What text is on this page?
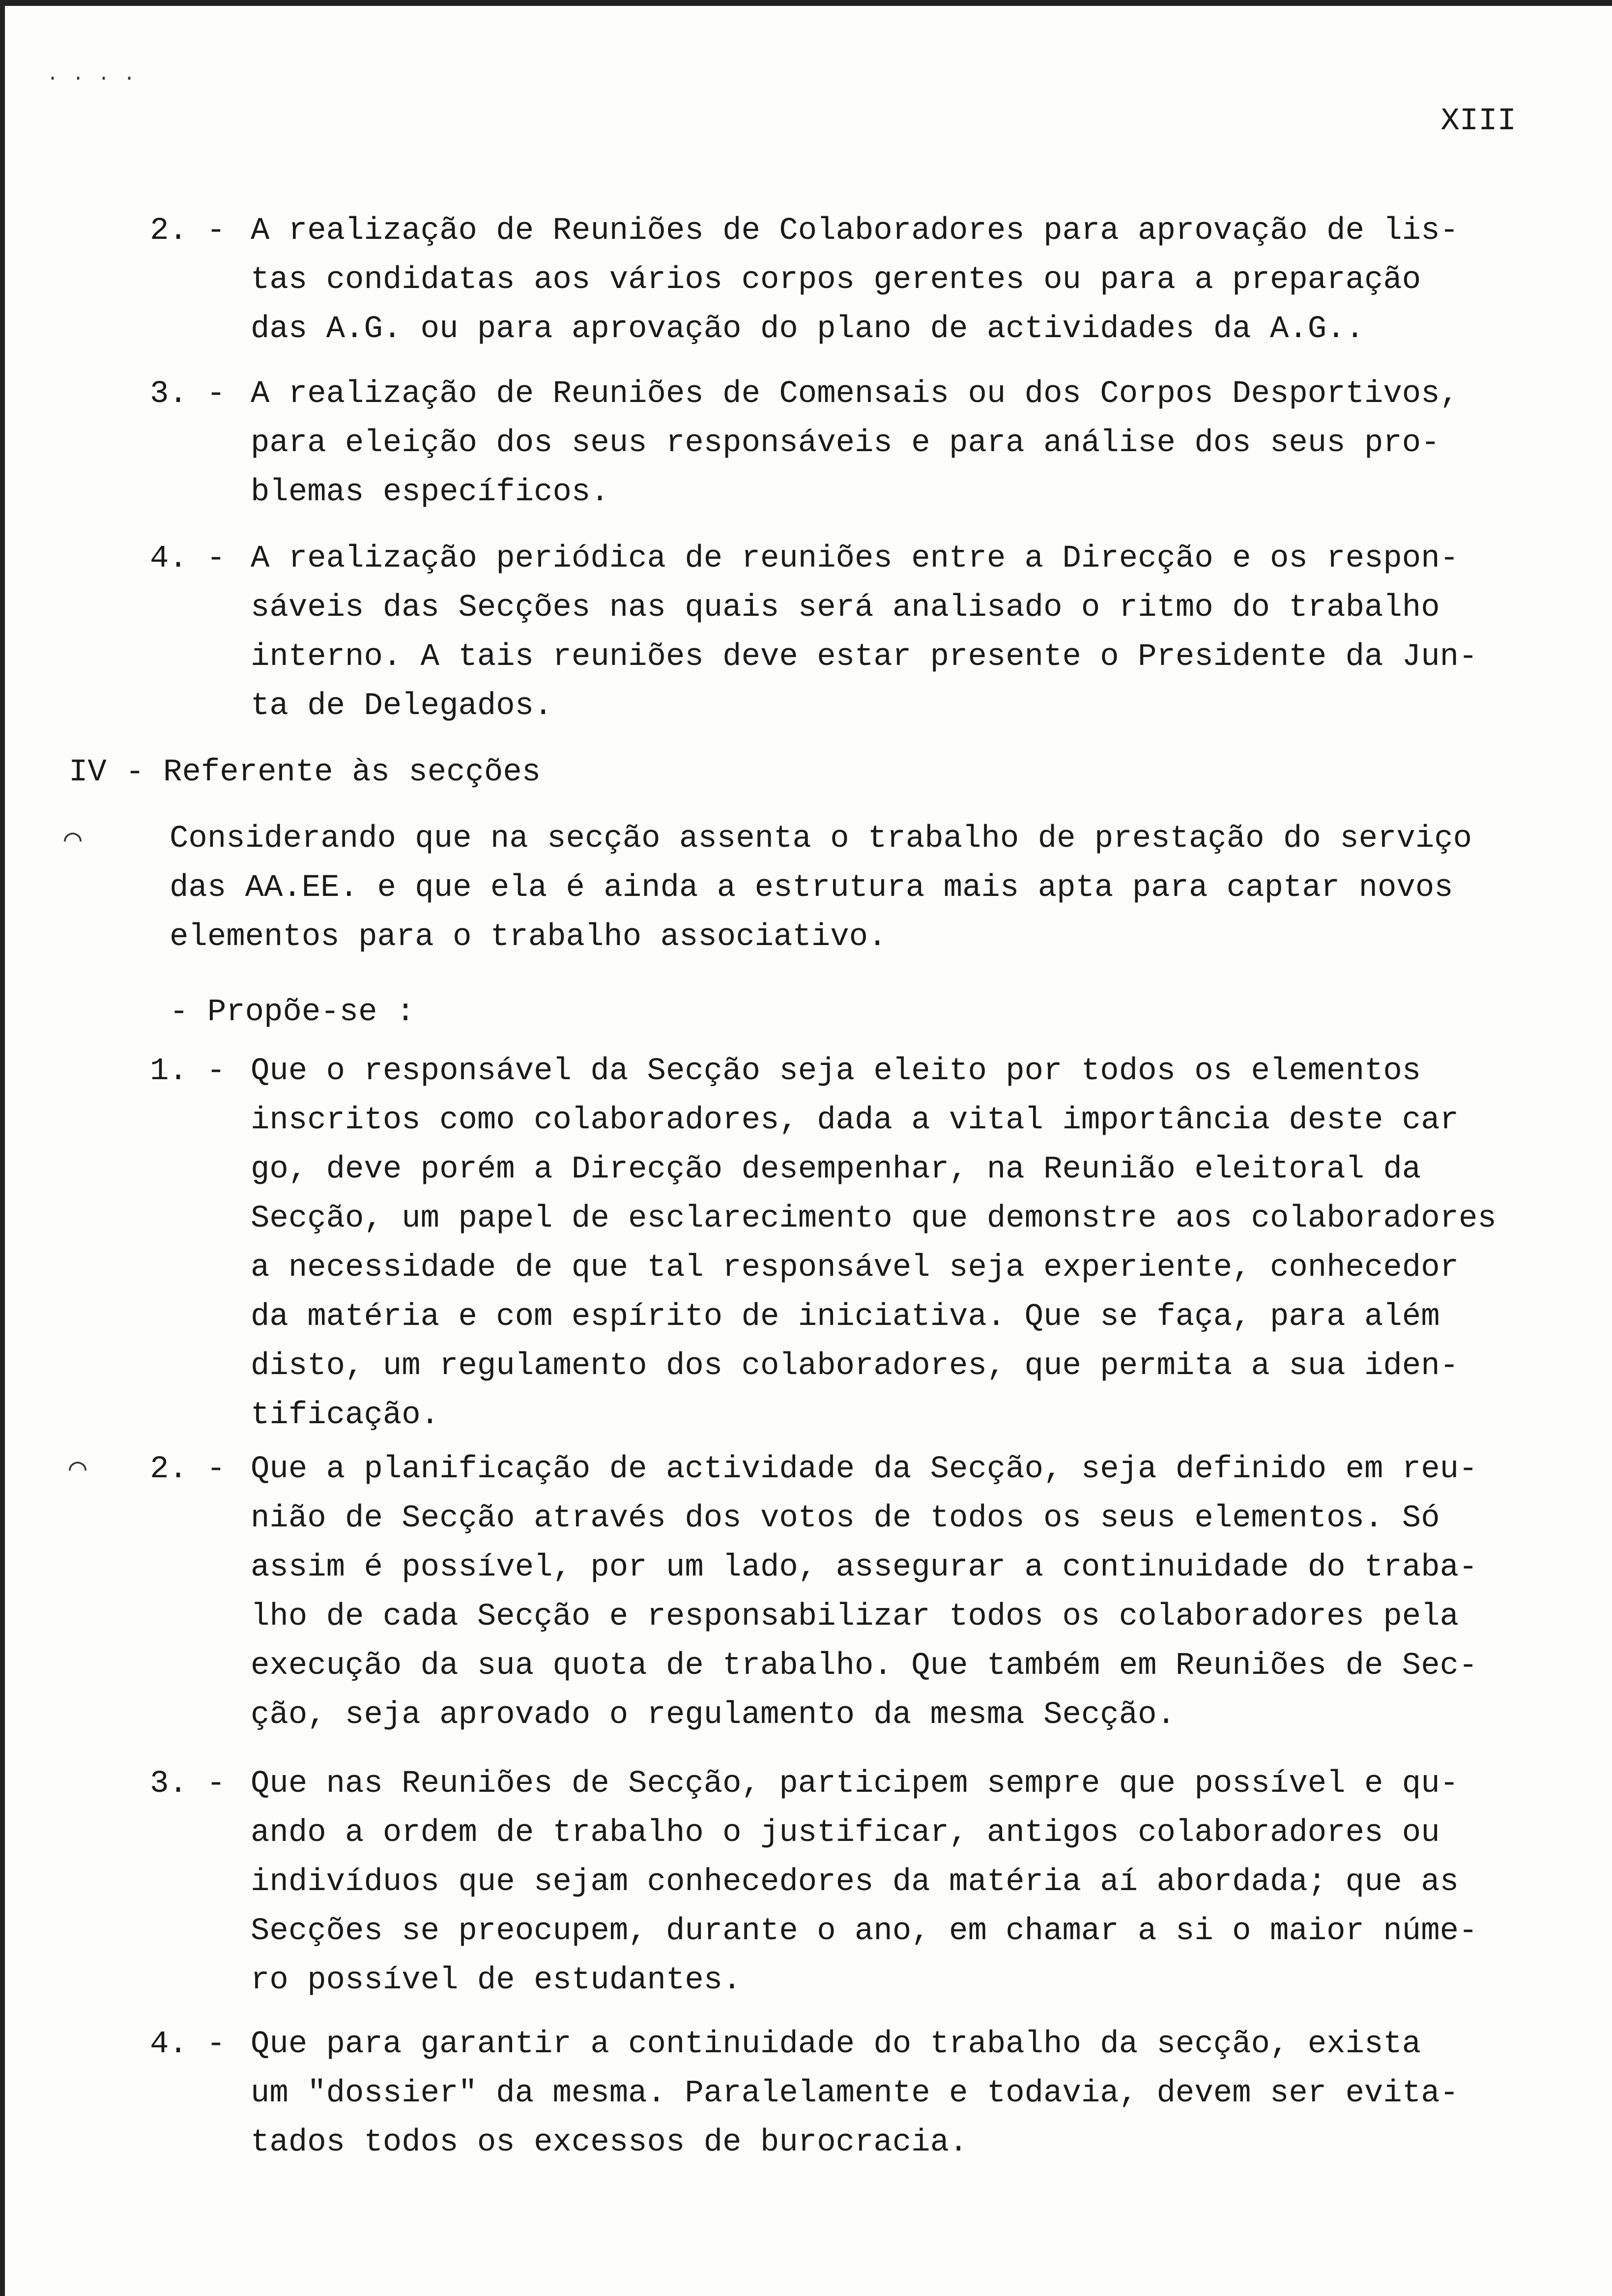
....
XIII
2. - A realização de Reuniões de Colaboradores para aprovação de lis-
tas condidatas aos vários corpos gerentes ou para a preparação
das A.G. ou para aprovação do plano de actividades da A.G..
3. - A realização de Reuniões de Comensais ou dos Corpos Desportivos,
para eleição dos seus responsáveis e para análise dos seus pro-
blemas específicos.
4. - A realização periódica de reuniões entre a Direcção e os respon-
sáveis das Secções nas quais será analisado o ritmo do trabalho
interno. A tais reuniões deve estar presente o Presidente da Jun-
ta de Delegados.
IV - Referente às secções
Considerando que na secção assenta o trabalho de prestação do serviço
das AA.EE. e que ela é ainda a estrutura mais apta para captar novos
elementos para o trabalho associativo.
⌒
- Propõe-se :
1. - Que o responsável da Secção seja eleito por todos os elementos
inscritos como colaboradores, dada a vital importância deste car
go, deve porém a Direcção desempenhar, na Reunião eleitoral da
Secção, um papel de esclarecimento que demonstre aos colaboradores
a necessidade de que tal responsável seja experiente, conhecedor
da matéria e com espírito de iniciativa. Que se faça, para além
disto, um regulamento dos colaboradores, que permita a sua iden-
tificação.
⌒ 2. - Que a planificação de actividade da Secção, seja definido em reu-
nião de Secção através dos votos de todos os seus elementos. Só
assim é possível, por um lado, assegurar a continuidade do traba-
lho de cada Secção e responsabilizar todos os colaboradores pela
execução da sua quota de trabalho. Que também em Reuniões de Sec-
ção, seja aprovado o regulamento da mesma Secção.
3. - Que nas Reuniões de Secção, participem sempre que possível e qu-
ando a ordem de trabalho o justificar, antigos colaboradores ou
indivíduos que sejam conhecedores da matéria aí abordada; que as
Secções se preocupem, durante o ano, em chamar a si o maior núme-
ro possível de estudantes.
4. - Que para garantir a continuidade do trabalho da secção, exista
um "dossier" da mesma. Paralelamente e todavia, devem ser evita-
tados todos os excessos de burocracia.
